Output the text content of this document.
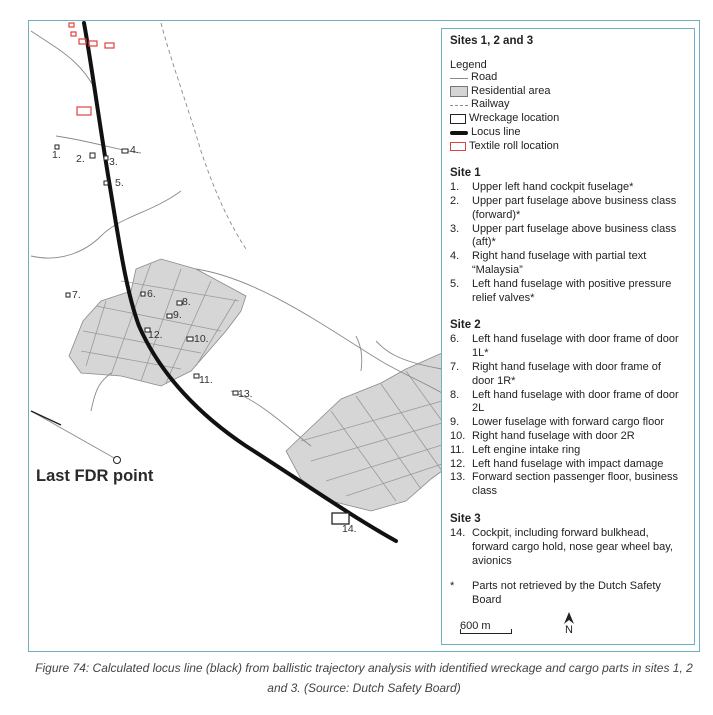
1. 2. 3.
4.
5.
6.
7.
8.
9.
10.
11.
12.
13.
14.
Last FDR point
Sites 1, 2 and 3
Legend
Road
Residential area
Railway
Wreckage location
Locus line
Textile roll location
Site 1
1.	Upper left hand cockpit fuselage*
2.	Upper part fuselage above business class (forward)*
3.	Upper part fuselage above business class (aft)*
4.	Right hand fuselage with partial text “Malaysia”
5.	Left hand fuselage with positive pressure relief valves*
Site 2
6.	Left hand fuselage with door frame of door 1L*
7.	Right hand fuselage with door frame of door 1R*
8.	Left hand fuselage with door frame of door 2L
9.	Lower fuselage with forward cargo floor
10. Right hand fuselage with door 2R
11. Left engine intake ring
12. Left hand fuselage with impact damage
13. Forward section passenger floor, business class
Site 3
14. Cockpit, including forward bulkhead, forward cargo hold, nose gear wheel bay, avionics
*	Parts not retrieved by the Dutch Safety Board
600 m	N
Figure 74: Calculated locus line (black) from ballistic trajectory analysis with identified wreckage and cargo parts in sites 1, 2 and 3. (Source: Dutch Safety Board)
